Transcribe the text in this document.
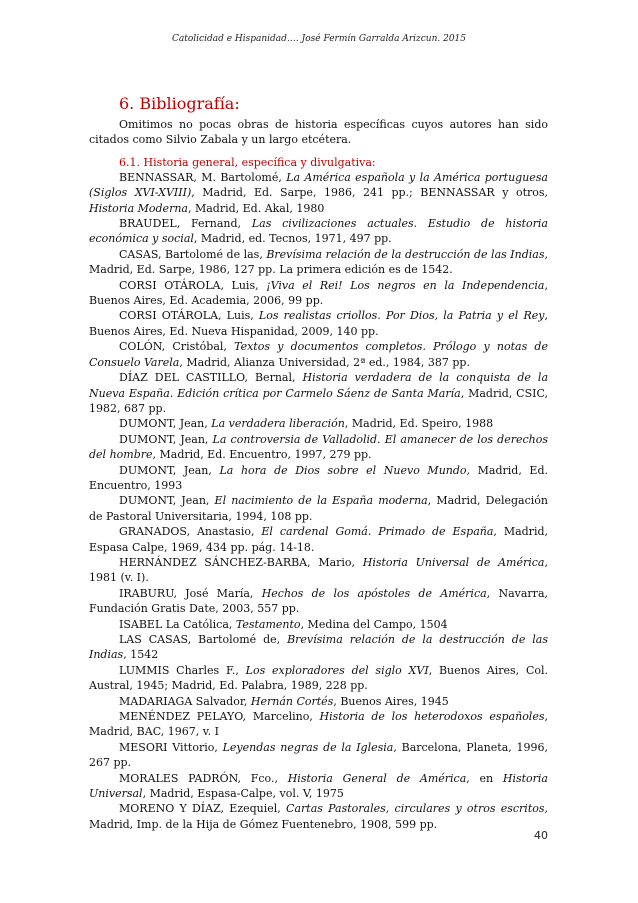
Catolicidad e Hispanidad…. José Fermín Garralda Arizcun. 2015
6. Bibliografía:

Omitimos no pocas obras de historia específicas cuyos autores han sido citados como Silvio Zabala y un largo etcétera.

6.1. Historia general, específica y divulgativa:

BENNASSAR, M. Bartolomé, La América española y la América portuguesa (Siglos XVI-XVIII), Madrid, Ed. Sarpe, 1986, 241 pp.; BENNASSAR y otros, Historia Moderna, Madrid, Ed. Akal, 1980

BRAUDEL, Fernand, Las civilizaciones actuales. Estudio de historia económica y social, Madrid, ed. Tecnos, 1971, 497 pp.

CASAS, Bartolomé de las, Brevísima relación de la destrucción de las Indias, Madrid, Ed. Sarpe, 1986, 127 pp. La primera edición es de 1542.

CORSI OTÁROLA, Luis, ¡Viva el Rei! Los negros en la Independencia, Buenos Aires, Ed. Academia, 2006, 99 pp.

CORSI OTÁROLA, Luis, Los realistas criollos. Por Dios, la Patria y el Rey, Buenos Aires, Ed. Nueva Hispanidad, 2009, 140 pp.

COLÓN, Cristóbal, Textos y documentos completos. Prólogo y notas de Consuelo Varela, Madrid, Alianza Universidad, 2ª ed., 1984, 387 pp.

DÍAZ DEL CASTILLO, Bernal, Historia verdadera de la conquista de la Nueva España. Edición crítica por Carmelo Sáenz de Santa María, Madrid, CSIC, 1982, 687 pp.

DUMONT, Jean, La verdadera liberación, Madrid, Ed. Speiro, 1988

DUMONT, Jean, La controversia de Valladolid. El amanecer de los derechos del hombre, Madrid, Ed. Encuentro, 1997, 279 pp.

DUMONT, Jean, La hora de Dios sobre el Nuevo Mundo, Madrid, Ed. Encuentro, 1993

DUMONT, Jean, El nacimiento de la España moderna, Madrid, Delegación de Pastoral Universitaria, 1994, 108 pp.

GRANADOS, Anastasio, El cardenal Gomá. Primado de España, Madrid, Espasa Calpe, 1969, 434 pp. pág. 14-18.

HERNÁNDEZ SÁNCHEZ-BARBA, Mario, Historia Universal de América, 1981 (v. I).

IRABURU, José María, Hechos de los apóstoles de América, Navarra, Fundación Gratis Date, 2003, 557 pp.

ISABEL La Católica, Testamento, Medina del Campo, 1504

LAS CASAS, Bartolomé de, Brevísima relación de la destrucción de las Indias, 1542

LUMMIS Charles F., Los exploradores del siglo XVI, Buenos Aires, Col. Austral, 1945; Madrid, Ed. Palabra, 1989, 228 pp.

MADARIAGA Salvador, Hernán Cortés, Buenos Aires, 1945

MENÉNDEZ PELAYO, Marcelino, Historia de los heterodoxos españoles, Madrid, BAC, 1967, v. I

MESORI Vittorio, Leyendas negras de la Iglesia, Barcelona, Planeta, 1996, 267 pp.

MORALES PADRÓN, Fco., Historia General de América, en Historia Universal, Madrid, Espasa-Calpe, vol. V, 1975

MORENO Y DÍAZ, Ezequiel, Cartas Pastorales, circulares y otros escritos, Madrid, Imp. de la Hija de Gómez Fuentenebro, 1908, 599 pp.

40
